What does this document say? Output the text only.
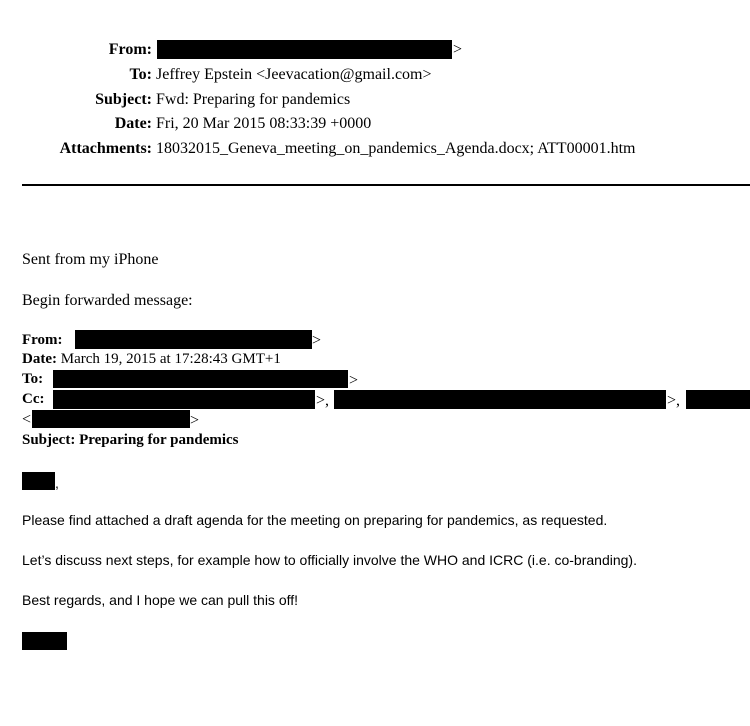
From:	>
To: Jeffrey Epstein <Jeevacation@gmail.com>
Subject: Fwd: Preparing for pandemics
Date: Fri, 20 Mar 2015 08:33:39 +0000
Attachments: 18032015_Geneva_meeting_on_pandemics_Agenda.docx; ATT00001.htm
Sent from my iPhone
Begin forwarded message:
From:	>
Date: March 19, 2015 at 17:28:43 GMT+1
To:	>
Cc:	>,	>,
<	>
Subject: Preparing for pandemics
,
Please find attached a draft agenda for the meeting on preparing for pandemics, as requested.
Let’s discuss next steps, for example how to officially involve the WHO and ICRC (i.e. co-branding).
Best regards, and I hope we can pull this off!
